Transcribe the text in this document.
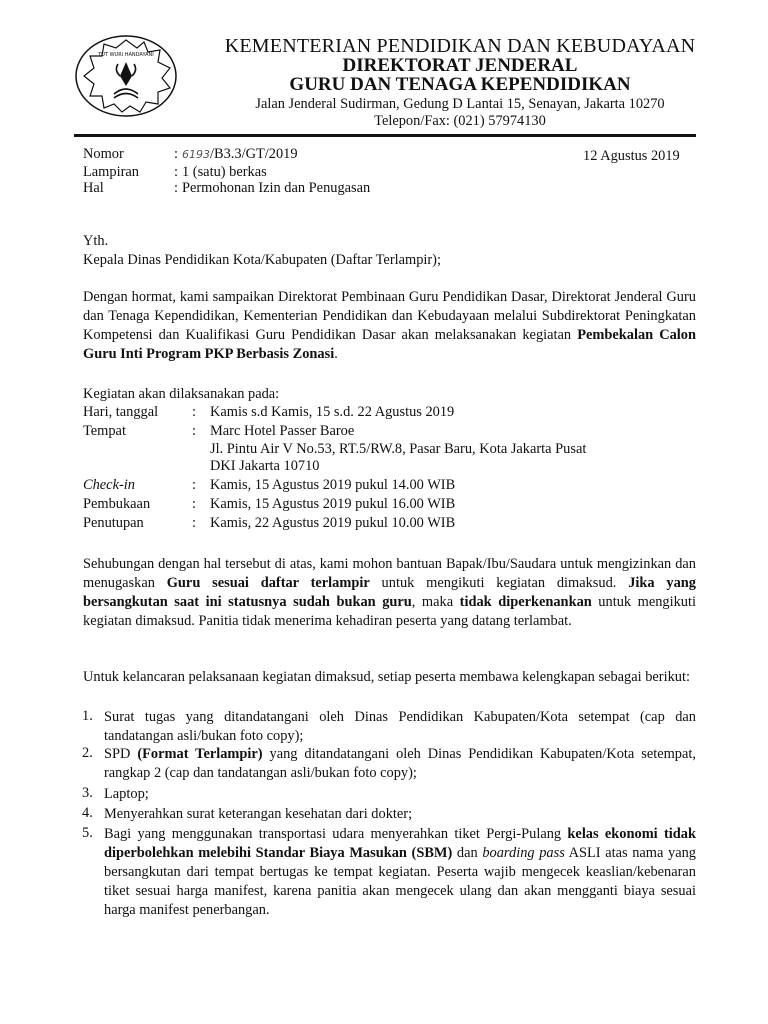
TUT WURI HANDAYANI	KEMENTERIAN PENDIDIKAN DAN KEBUDAYAAN
DIREKTORAT JENDERAL
GURU DAN TENAGA KEPENDIDIKAN
Jalan Jenderal Sudirman, Gedung D Lantai 15, Senayan, Jakarta 10270
Telepon/Fax: (021) 57974130
Nomor	: 6193/B3.3/GT/2019	12 Agustus 2019
Lampiran : 1 (satu) berkas
Hal	: Permohonan Izin dan Penugasan
Yth.
Kepala Dinas Pendidikan Kota/Kabupaten (Daftar Terlampir);
Dengan hormat, kami sampaikan Direktorat Pembinaan Guru Pendidikan Dasar, Direktorat Jenderal Guru dan Tenaga Kependidikan, Kementerian Pendidikan dan Kebudayaan melalui Subdirektorat Peningkatan Kompetensi dan Kualifikasi Guru Pendidikan Dasar akan melaksanakan kegiatan Pembekalan Calon Guru Inti Program PKP Berbasis Zonasi.
Kegiatan akan dilaksanakan pada:
Hari, tanggal : Kamis s.d Kamis, 15 s.d. 22 Agustus 2019
Tempat	: Marc Hotel Passer Baroe
Jl. Pintu Air V No.53, RT.5/RW.8, Pasar Baru, Kota Jakarta Pusat
DKI Jakarta 10710
Check-in	: Kamis, 15 Agustus 2019 pukul 14.00 WIB
Pembukaan	: Kamis, 15 Agustus 2019 pukul 16.00 WIB
Penutupan	: Kamis, 22 Agustus 2019 pukul 10.00 WIB
Sehubungan dengan hal tersebut di atas, kami mohon bantuan Bapak/Ibu/Saudara untuk mengizinkan dan menugaskan Guru sesuai daftar terlampir untuk mengikuti kegiatan dimaksud. Jika yang bersangkutan saat ini statusnya sudah bukan guru, maka tidak diperkenankan untuk mengikuti kegiatan dimaksud. Panitia tidak menerima kehadiran peserta yang datang terlambat.
Untuk kelancaran pelaksanaan kegiatan dimaksud, setiap peserta membawa kelengkapan sebagai berikut:
1. Surat tugas yang ditandatangani oleh Dinas Pendidikan Kabupaten/Kota setempat (cap dan tandatangan asli/bukan foto copy);
2. SPD (Format Terlampir) yang ditandatangani oleh Dinas Pendidikan Kabupaten/Kota setempat, rangkap 2 (cap dan tandatangan asli/bukan foto copy);
3. Laptop;
4. Menyerahkan surat keterangan kesehatan dari dokter;
5. Bagi yang menggunakan transportasi udara menyerahkan tiket Pergi-Pulang kelas ekonomi tidak diperbolehkan melebihi Standar Biaya Masukan (SBM) dan boarding pass ASLI atas nama yang bersangkutan dari tempat bertugas ke tempat kegiatan. Peserta wajib mengecek keaslian/kebenaran tiket sesuai harga manifest, karena panitia akan mengecek ulang dan akan mengganti biaya sesuai harga manifest penerbangan.
